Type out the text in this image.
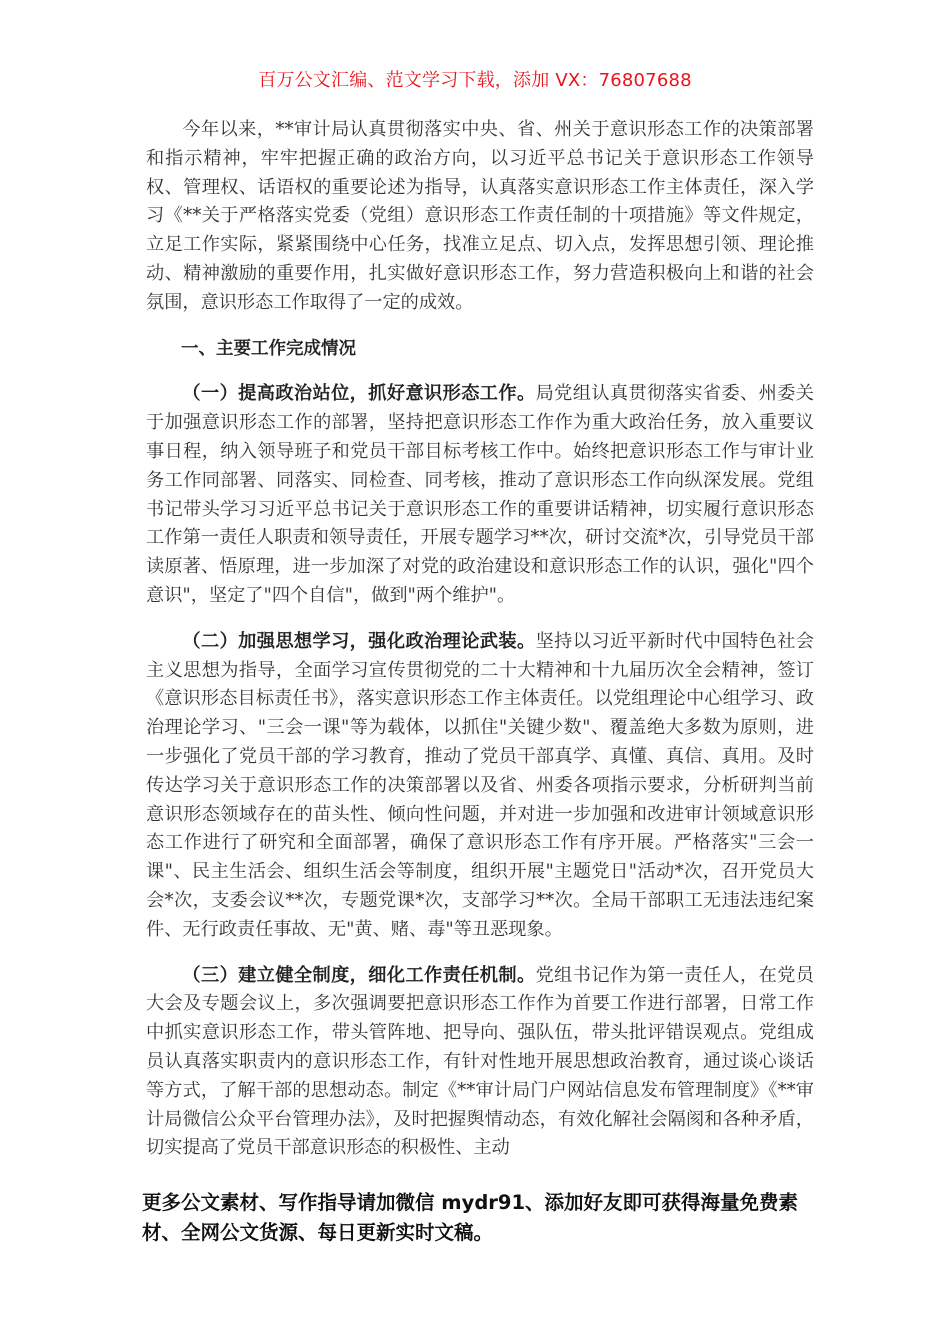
百万公文汇编、范文学习下载，添加 VX：76807688

今年以来，**审计局认真贯彻落实中央、省、州关于意识形态工作的决策部署和指示精神，牢牢把握正确的政治方向，以习近平总书记关于意识形态工作领导权、管理权、话语权的重要论述为指导，认真落实意识形态工作主体责任，深入学习《**关于严格落实党委（党组）意识形态工作责任制的十项措施》等文件规定，立足工作实际，紧紧围绕中心任务，找准立足点、切入点，发挥思想引领、理论推动、精神激励的重要作用，扎实做好意识形态工作，努力营造积极向上和谐的社会氛围，意识形态工作取得了一定的成效。

一、主要工作完成情况

（一）提高政治站位，抓好意识形态工作。局党组认真贯彻落实省委、州委关于加强意识形态工作的部署，坚持把意识形态工作作为重大政治任务，放入重要议事日程，纳入领导班子和党员干部目标考核工作中。始终把意识形态工作与审计业务工作同部署、同落实、同检查、同考核，推动了意识形态工作向纵深发展。党组书记带头学习习近平总书记关于意识形态工作的重要讲话精神，切实履行意识形态工作第一责任人职责和领导责任，开展专题学习**次，研讨交流*次，引导党员干部读原著、悟原理，进一步加深了对党的政治建设和意识形态工作的认识，强化"四个意识"，坚定了"四个自信"，做到"两个维护"。

（二）加强思想学习，强化政治理论武装。坚持以习近平新时代中国特色社会主义思想为指导，全面学习宣传贯彻党的二十大精神和十九届历次全会精神，签订《意识形态目标责任书》，落实意识形态工作主体责任。以党组理论中心组学习、政治理论学习、"三会一课"等为载体，以抓住"关键少数"、覆盖绝大多数为原则，进一步强化了党员干部的学习教育，推动了党员干部真学、真懂、真信、真用。及时传达学习关于意识形态工作的决策部署以及省、州委各项指示要求，分析研判当前意识形态领域存在的苗头性、倾向性问题，并对进一步加强和改进审计领域意识形态工作进行了研究和全面部署，确保了意识形态工作有序开展。严格落实"三会一课"、民主生活会、组织生活会等制度，组织开展"主题党日"活动*次，召开党员大会*次，支委会议**次，专题党课*次，支部学习**次。全局干部职工无违法违纪案件、无行政责任事故、无"黄、赌、毒"等丑恶现象。

（三）建立健全制度，细化工作责任机制。党组书记作为第一责任人，在党员大会及专题会议上，多次强调要把意识形态工作作为首要工作进行部署，日常工作中抓实意识形态工作，带头管阵地、把导向、强队伍，带头批评错误观点。党组成员认真落实职责内的意识形态工作，有针对性地开展思想政治教育，通过谈心谈话等方式，了解干部的思想动态。制定《**审计局门户网站信息发布管理制度》《**审计局微信公众平台管理办法》，及时把握舆情动态，有效化解社会隔阂和各种矛盾，切实提高了党员干部意识形态的积极性、主动

更多公文素材、写作指导请加微信 mydr91、添加好友即可获得海量免费素材、全网公文货源、每日更新实时文稿。
